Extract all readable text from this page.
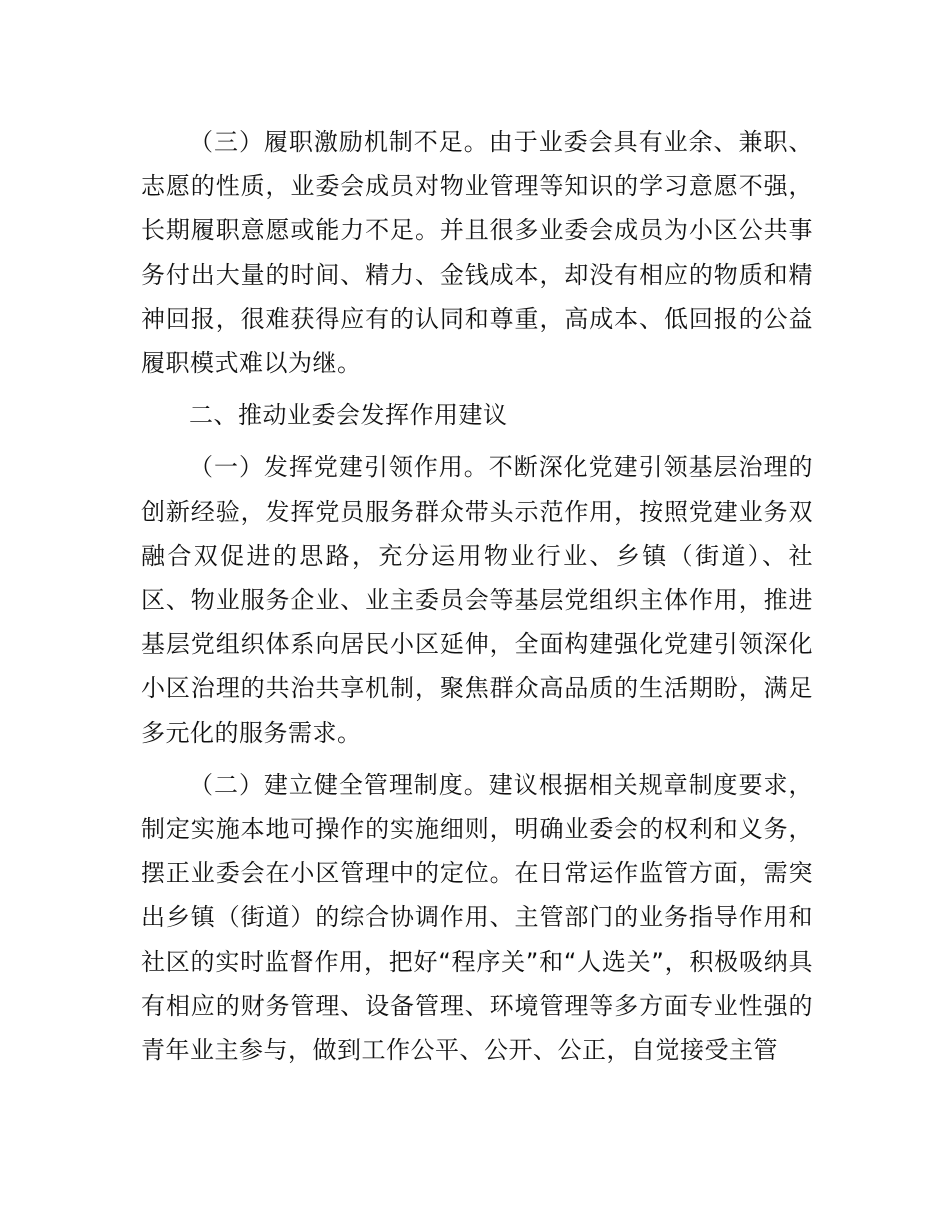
（三）履职激励机制不足。由于业委会具有业余、兼职、志愿的性质，业委会成员对物业管理等知识的学习意愿不强，长期履职意愿或能力不足。并且很多业委会成员为小区公共事务付出大量的时间、精力、金钱成本，却没有相应的物质和精神回报，很难获得应有的认同和尊重，高成本、低回报的公益履职模式难以为继。

二、推动业委会发挥作用建议

（一）发挥党建引领作用。不断深化党建引领基层治理的创新经验，发挥党员服务群众带头示范作用，按照党建业务双融合双促进的思路，充分运用物业行业、乡镇（街道）、社区、物业服务企业、业主委员会等基层党组织主体作用，推进基层党组织体系向居民小区延伸，全面构建强化党建引领深化小区治理的共治共享机制，聚焦群众高品质的生活期盼，满足多元化的服务需求。

（二）建立健全管理制度。建议根据相关规章制度要求，制定实施本地可操作的实施细则，明确业委会的权利和义务，摆正业委会在小区管理中的定位。在日常运作监管方面，需突出乡镇（街道）的综合协调作用、主管部门的业务指导作用和社区的实时监督作用，把好“程序关”和“人选关”，积极吸纳具有相应的财务管理、设备管理、环境管理等多方面专业性强的青年业主参与，做到工作公平、公开、公正，自觉接受主管
